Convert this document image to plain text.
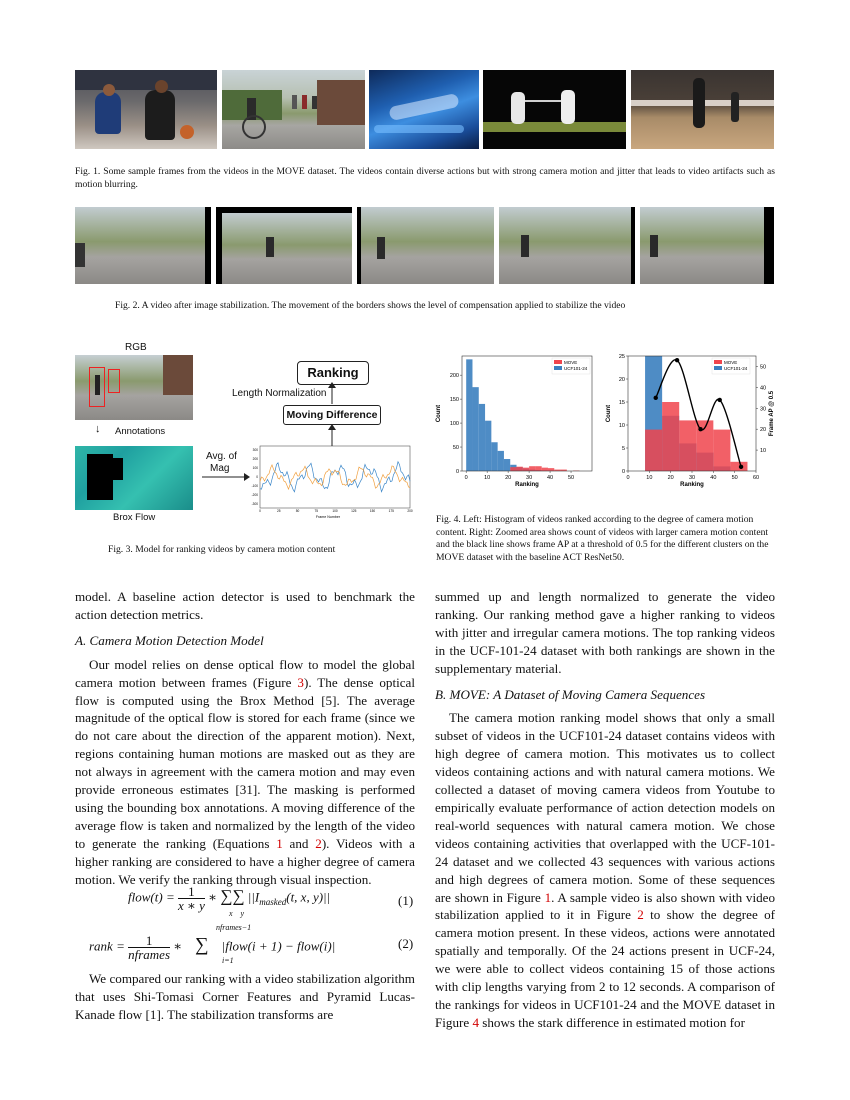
Fig. 1. Some sample frames from the videos in the MOVE dataset. The videos contain diverse actions but with strong camera motion and jitter that leads to video artifacts such as motion blurring.
Fig. 2. A video after image stabilization. The movement of the borders shows the level of compensation applied to stabilize the video
RGB
↓ Annotations
Brox Flow
Avg. of
Mag
300
200
100
0
-100
-200
-300
0	25	50	75	100	125	150	175	200
Frame Number
Moving Difference
Length Normalization
Ranking
Fig. 3. Model for ranking videos by camera motion content
0	10	20	30	40	50
0
50
100
150
200
Ranking
Count
MOVE
UCF101-24
0	10	20	30	40	50	60
0
5
10
15
20
25
Ranking
Count
MOVE
UCF101-24
10
20
30
40
50
Frame AP @ 0.5
Fig. 4. Left: Histogram of videos ranked according to the degree of camera motion content. Right: Zoomed area shows count of videos with larger camera motion content and the black line shows frame AP at a threshold of 0.5 for the different clusters on the MOVE dataset with the baseline ACT ResNet50.

model. A baseline action detector is used to benchmark the action detection metrics.

A. Camera Motion Detection Model

Our model relies on dense optical flow to model the global camera motion between frames (Figure 3). The dense optical flow is computed using the Brox Method [5]. The average magnitude of the optical flow is stored for each frame (since we do not care about the direction of the apparent motion). Next, regions containing human motions are masked out as they are not always in agreement with the camera motion and may even provide erroneous estimates [31]. The masking is performed using the bounding box annotations. A moving difference of the average flow is taken and normalized by the length of the video to generate the ranking (Equations 1 and 2). Videos with a higher ranking are considered to have a higher degree of camera motion. We verify the ranking through visual inspection.

flow(t) = $\frac{1}{x ∗ y}$ ∗ ∑∑ $||I_{masked}(t$, x, y)||
x    y
(1)
nframes−1
rank =	1
nframes
∗    ∑    |flow(i + 1) − flow(i)|
i=1
(2)

We compared our ranking with a video stabilization algorithm that uses Shi-Tomasi Corner Features and Pyramid Lucas-Kanade flow [1]. The stabilization transforms are

summed up and length normalized to generate the video ranking. Our ranking method gave a higher ranking to videos with jitter and irregular camera motions. The top ranking videos in the UCF-101-24 dataset with both rankings are shown in the supplementary material.

B. MOVE: A Dataset of Moving Camera Sequences

The camera motion ranking model shows that only a small subset of videos in the UCF101-24 dataset contains videos with high degree of camera motion. This motivates us to collect videos containing actions and with natural camera motions. We collected a dataset of moving camera videos from Youtube to empirically evaluate performance of action detection models on real-world sequences with natural camera motion. We chose videos containing activities that overlapped with the UCF-101-24 dataset and we collected 43 sequences with various actions and high degrees of camera motion. Some of these sequences are shown in Figure 1. A sample video is also shown with video stabilization applied to it in Figure 2 to show the degree of camera motion present. In these videos, actions were annotated spatially and temporally. Of the 24 actions present in UCF-24, we were able to collect videos containing 15 of those actions with clip lengths varying from 2 to 12 seconds. A comparison of the rankings for videos in UCF101-24 and the MOVE dataset in Figure 4 shows the stark difference in estimated motion for
